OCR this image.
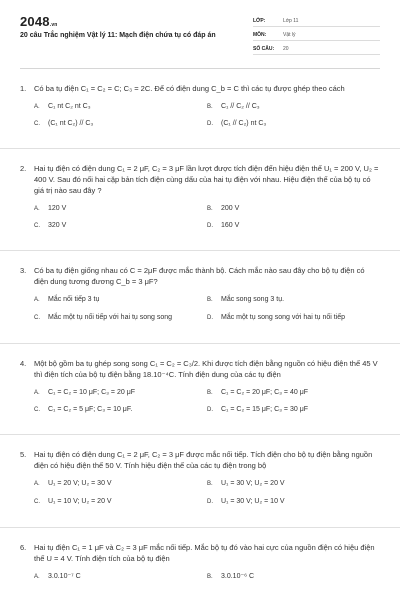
2048.vn
20 câu Trắc nghiệm Vật lý 11: Mạch điện chứa tụ có đáp án
LỚP:	Lớp 11
MÔN:	Vật lý
SỐ CÂU:	20
1.	Có ba tụ điện C₁ = C₂ = C; C₃ = 2C. Để có điện dung C_b = C thì các tụ được ghép theo cách
A.	C₁ nt C₂ nt C₃	B.	C₁ // C₂ // C₃
C.	(C₁ nt C₂) // C₃	D.	(C₁ // C₂) nt C₃
2.	Hai tụ điện có điện dung C₁ = 2 μF, C₂ = 3 μF lần lượt được tích điện đến hiệu điện thế U₁ = 200 V, U₂ = 400 V. Sau đó nối hai cặp bản tích điện cùng dấu của hai tụ điện với nhau. Hiệu điện thế của bộ tụ có giá trị nào sau đây ?
A.	120 V	B.	200 V
C.	320 V	D.	160 V
3.	Có ba tụ điện giống nhau có C = 2μF được mắc thành bộ. Cách mắc nào sau đây cho bộ tụ điện có điện dung tương đương C_b = 3 μF?
A.	Mắc nối tiếp 3 tụ	B.	Mắc song song 3 tụ.
C.	Mắc một tụ nối tiếp với hai tụ song song	D.	Mắc một tụ song song với hai tụ nối tiếp
4.	Một bộ gồm ba tụ ghép song song C₁ = C₂ = C₃/2. Khi được tích điện bằng nguồn có hiệu điện thế 45 V thì điện tích của bộ tụ điện bằng 18.10⁻⁴C. Tính điện dung của các tụ điện
A.	C₁ = C₂ = 10 μF; C₃ = 20 μF	B.	C₁ = C₂ = 20 μF; C₃ = 40 μF
C.	C₁ = C₂ = 5 μF; C₃ = 10 μF.	D.	C₁ = C₂ = 15 μF; C₃ = 30 μF
5.	Hai tụ điện có điện dung C₁ = 2 μF, C₂ = 3 μF được mắc nối tiếp. Tích điện cho bộ tụ điện bằng nguồn điện có hiệu điện thế 50 V. Tính hiệu điện thế của các tụ điện trong bộ
A.	U₁ = 20 V; U₂ = 30 V	B.	U₁ = 30 V; U₂ = 20 V
C.	U₁ = 10 V; U₂ = 20 V	D.	U₁ = 30 V; U₂ = 10 V
6.	Hai tụ điện C₁ = 1 μF và C₂ = 3 μF mắc nối tiếp. Mắc bộ tụ đó vào hai cực của nguồn điện có hiệu điện thế U = 4 V. Tính điện tích của bộ tụ điện
A.	3.0.10⁻⁷ C	B.	3.0.10⁻⁶ C
